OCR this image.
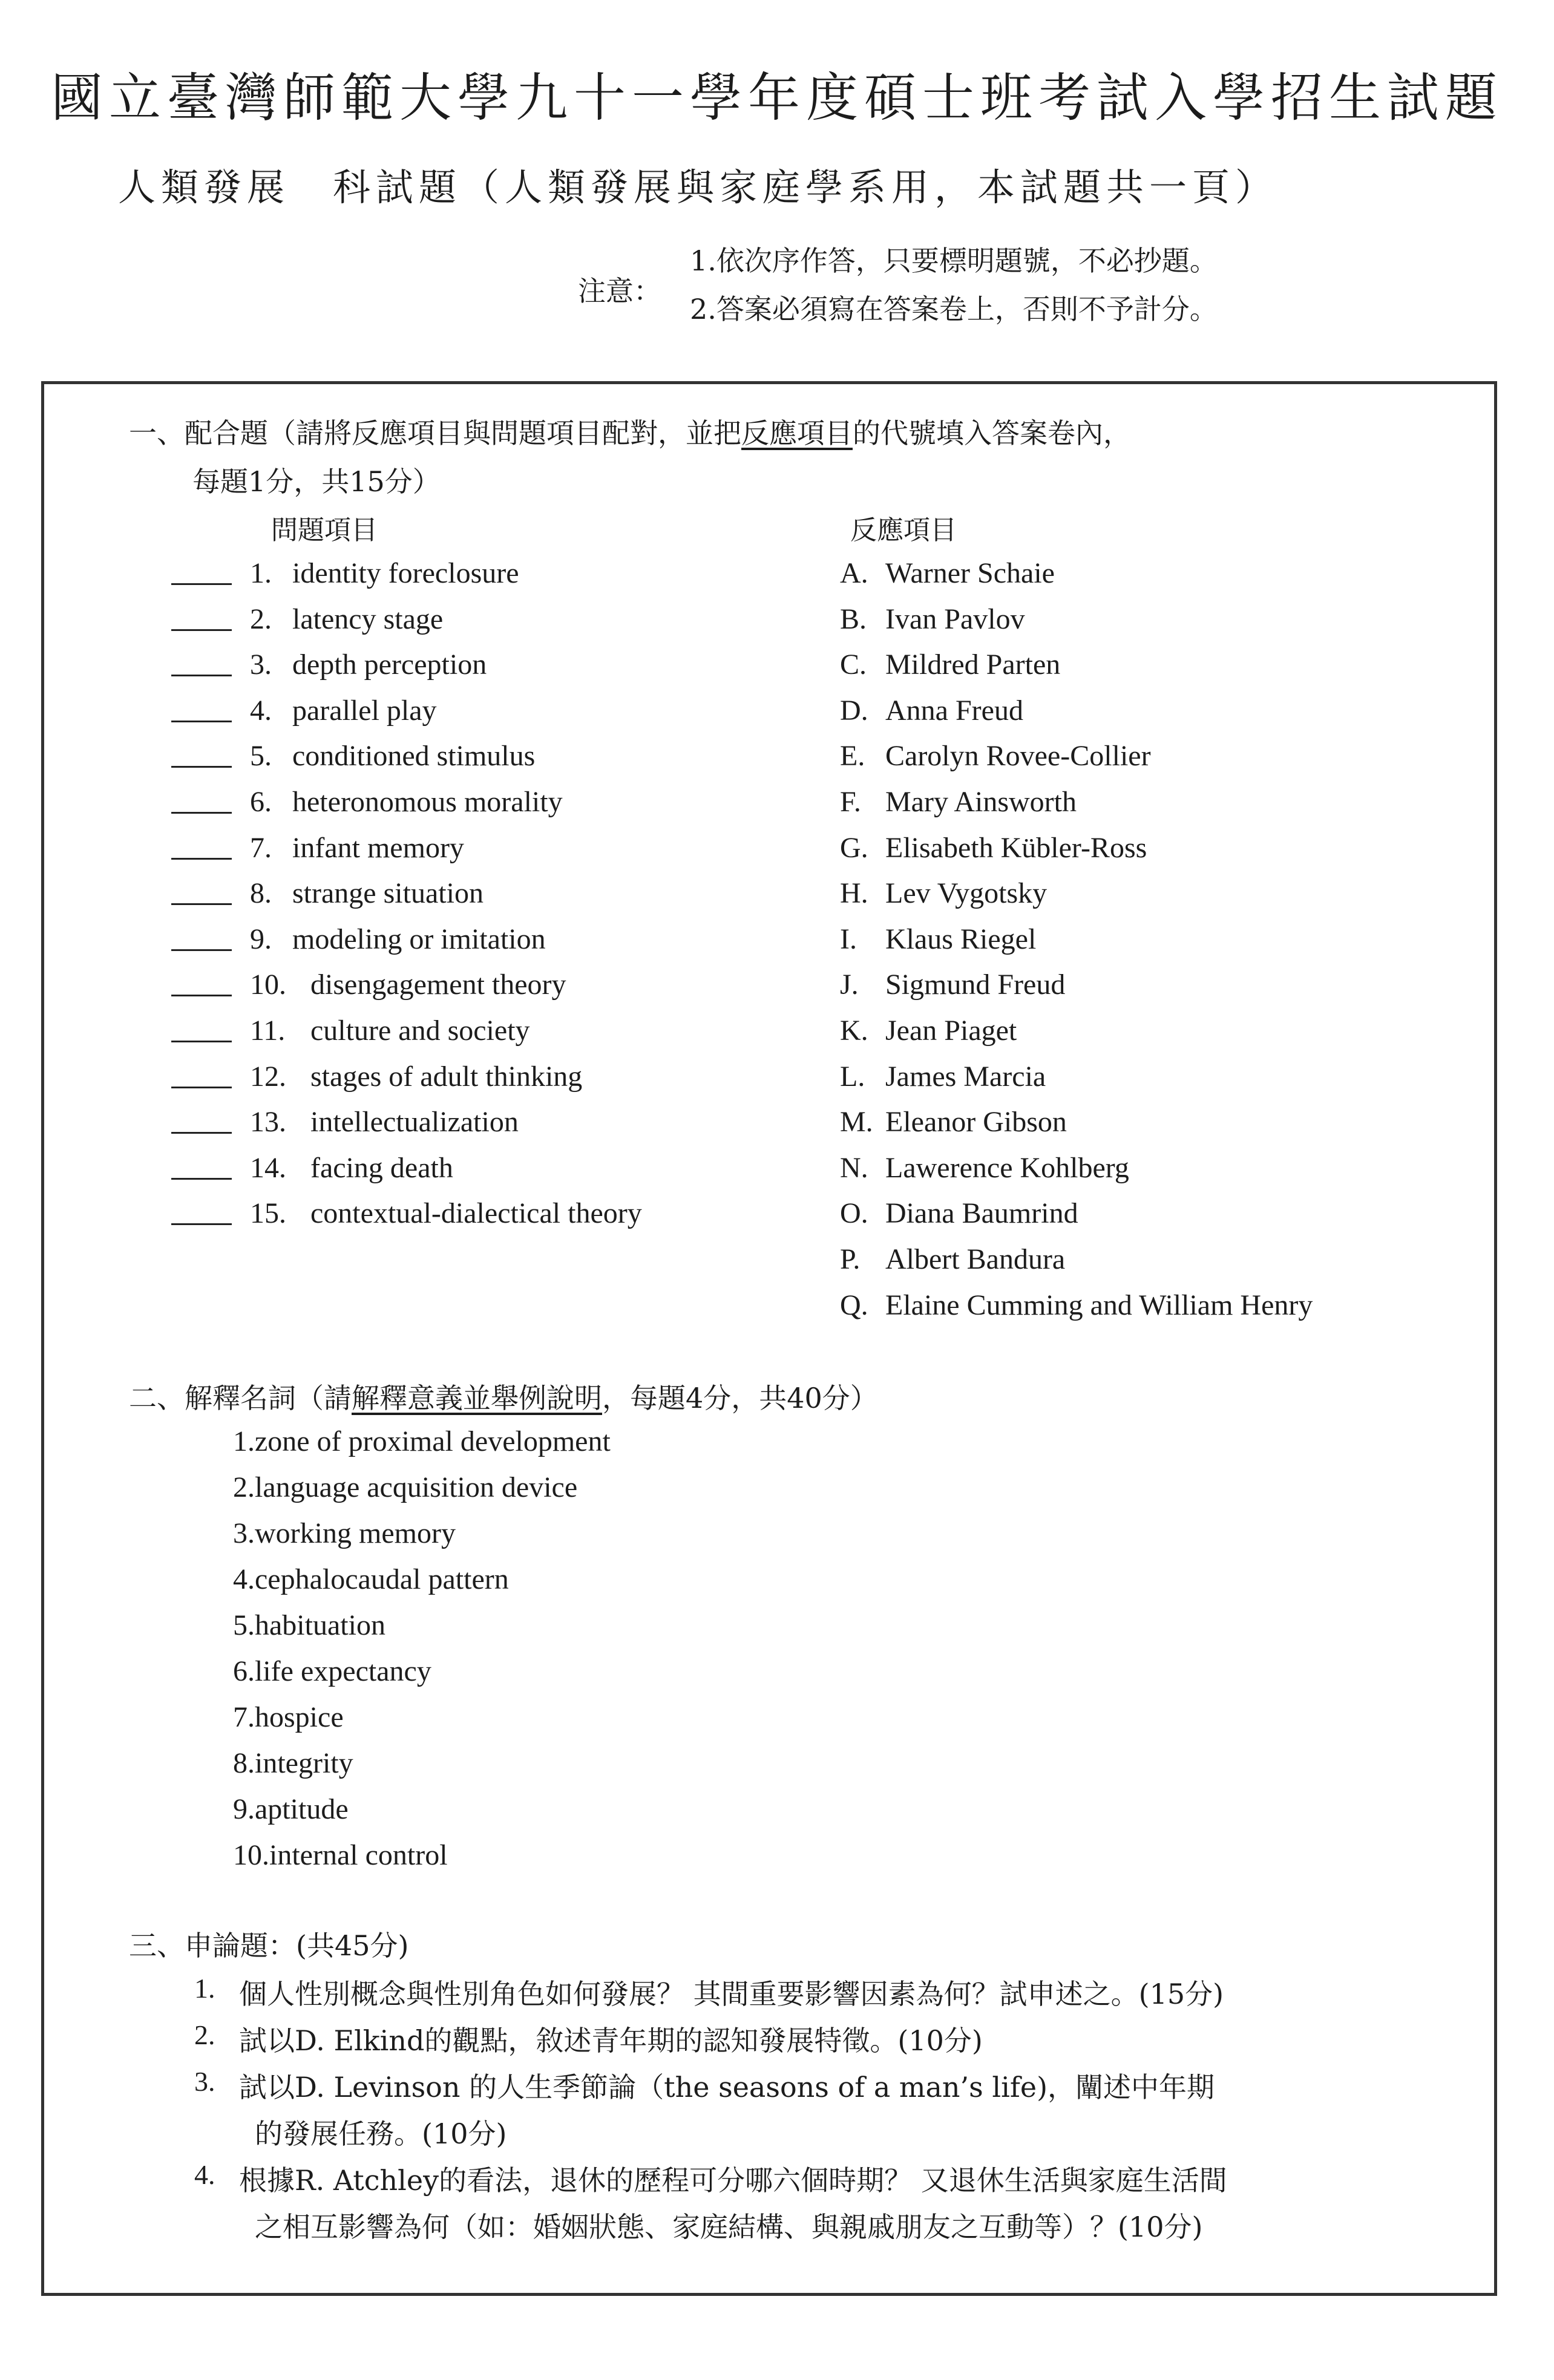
國立臺灣師範大學九十一學年度碩士班考試入學招生試題
人類發展　科試題（人類發展與家庭學系用，本試題共一頁）
注意：
1.依次序作答，只要標明題號，不必抄題。
2.答案必須寫在答案卷上，否則不予計分。
一、配合題（請將反應項目與問題項目配對，並把反應項目的代號填入答案卷內，
每題1分，共15分）
問題項目	反應項目
1. identity foreclosure
2. latency stage
3. depth perception
4. parallel play
5. conditioned stimulus
6. heteronomous morality
7. infant memory
8. strange situation
9. modeling or imitation
10. disengagement theory
11. culture and society
12. stages of adult thinking
13. intellectualization
14. facing death
15. contextual-dialectical theory
A. Warner Schaie
B. Ivan Pavlov
C. Mildred Parten
D. Anna Freud
E. Carolyn Rovee-Collier
F. Mary Ainsworth
G. Elisabeth Kübler-Ross
H. Lev Vygotsky
I. Klaus Riegel
J. Sigmund Freud
K. Jean Piaget
L. James Marcia
M. Eleanor Gibson
N. Lawerence Kohlberg
O. Diana Baumrind
P. Albert Bandura
Q. Elaine Cumming and William Henry
二、解釋名詞（請解釋意義並舉例說明，每題4分，共40分）
1.zone of proximal development
2.language acquisition device
3.working memory
4.cephalocaudal pattern
5.habituation
6.life expectancy
7.hospice
8.integrity
9.aptitude
10.internal control
三、申論題：(共45分)
1. 個人性別概念與性別角色如何發展？ 其間重要影響因素為何？試申述之。(15分)
2. 試以D. Elkind的觀點，敘述青年期的認知發展特徵。(10分)
3. 試以D. Levinson 的人生季節論（the seasons of a man’s life)，闡述中年期
的發展任務。(10分)
4. 根據R. Atchley的看法，退休的歷程可分哪六個時期？ 又退休生活與家庭生活間
之相互影響為何（如：婚姻狀態、家庭結構、與親戚朋友之互動等）？(10分)
